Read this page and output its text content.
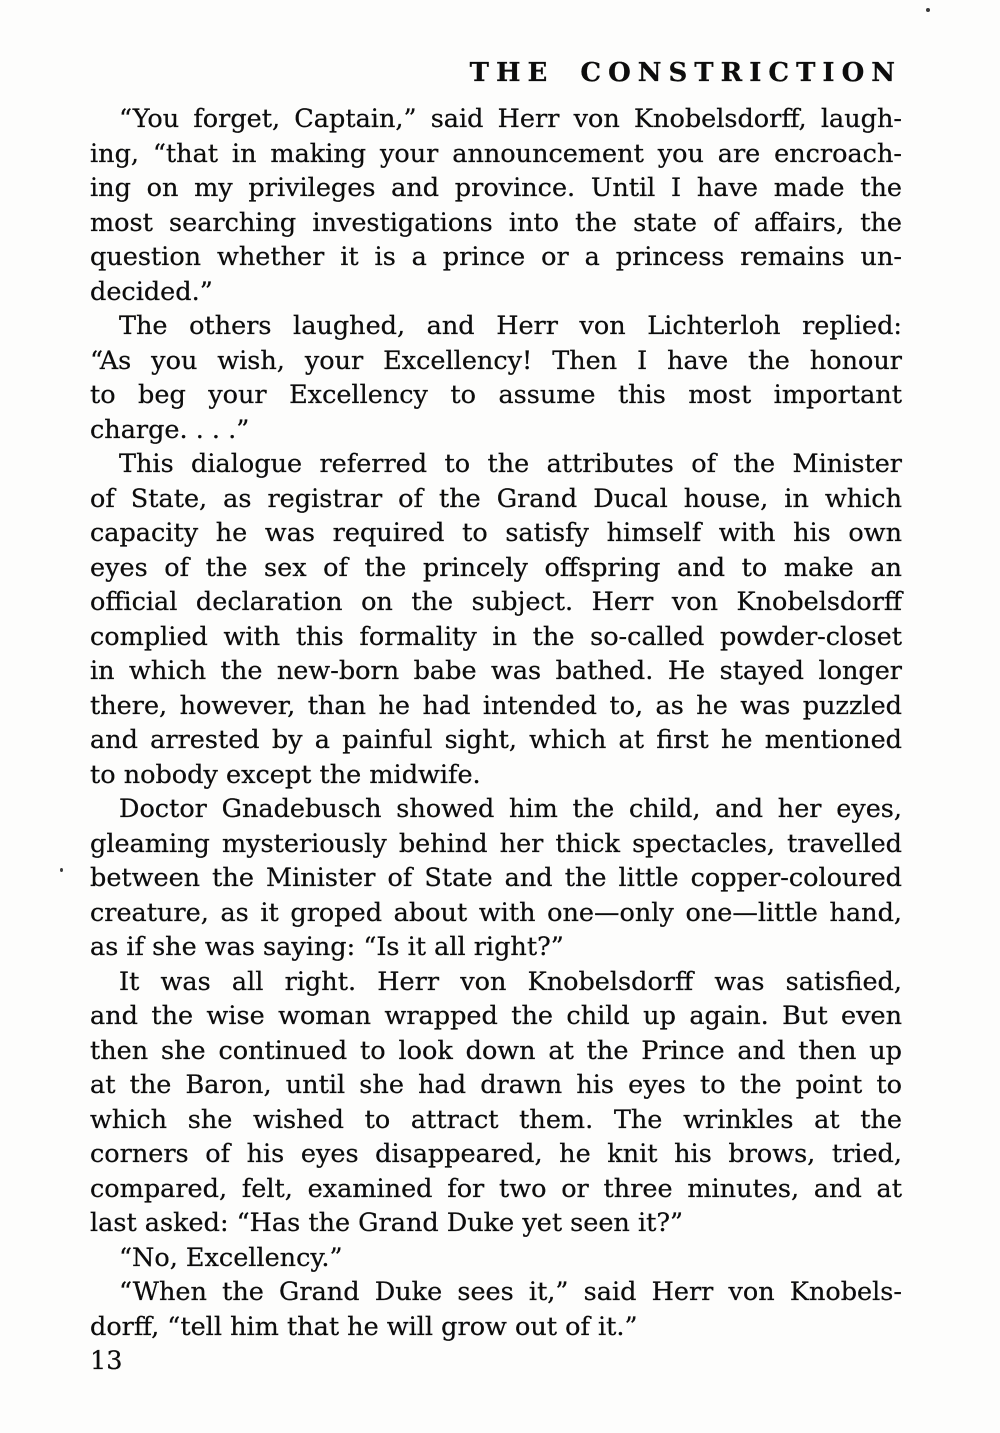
THE CONSTRICTION
“You forget, Captain,” said Herr von Knobelsdorff, laugh-
ing, “that in making your announcement you are encroach-
ing on my privileges and province. Until I have made the
most searching investigations into the state of affairs, the
question whether it is a prince or a princess remains un-
decided.”
The others laughed, and Herr von Lichterloh replied:
“As you wish, your Excellency! Then I have the honour
to beg your Excellency to assume this most important
charge. . . .”
This dialogue referred to the attributes of the Minister
of State, as registrar of the Grand Ducal house, in which
capacity he was required to satisfy himself with his own
eyes of the sex of the princely offspring and to make an
official declaration on the subject. Herr von Knobelsdorff
complied with this formality in the so-called powder-closet
in which the new-born babe was bathed. He stayed longer
there, however, than he had intended to, as he was puzzled
and arrested by a painful sight, which at first he mentioned
to nobody except the midwife.
Doctor Gnadebusch showed him the child, and her eyes,
gleaming mysteriously behind her thick spectacles, travelled
between the Minister of State and the little copper-coloured
creature, as it groped about with one—only one—little hand,
as if she was saying: “Is it all right?”
It was all right. Herr von Knobelsdorff was satisfied,
and the wise woman wrapped the child up again. But even
then she continued to look down at the Prince and then up
at the Baron, until she had drawn his eyes to the point to
which she wished to attract them. The wrinkles at the
corners of his eyes disappeared, he knit his brows, tried,
compared, felt, examined for two or three minutes, and at
last asked: “Has the Grand Duke yet seen it?”
“No, Excellency.”
“When the Grand Duke sees it,” said Herr von Knobels-
dorff, “tell him that he will grow out of it.”
13
